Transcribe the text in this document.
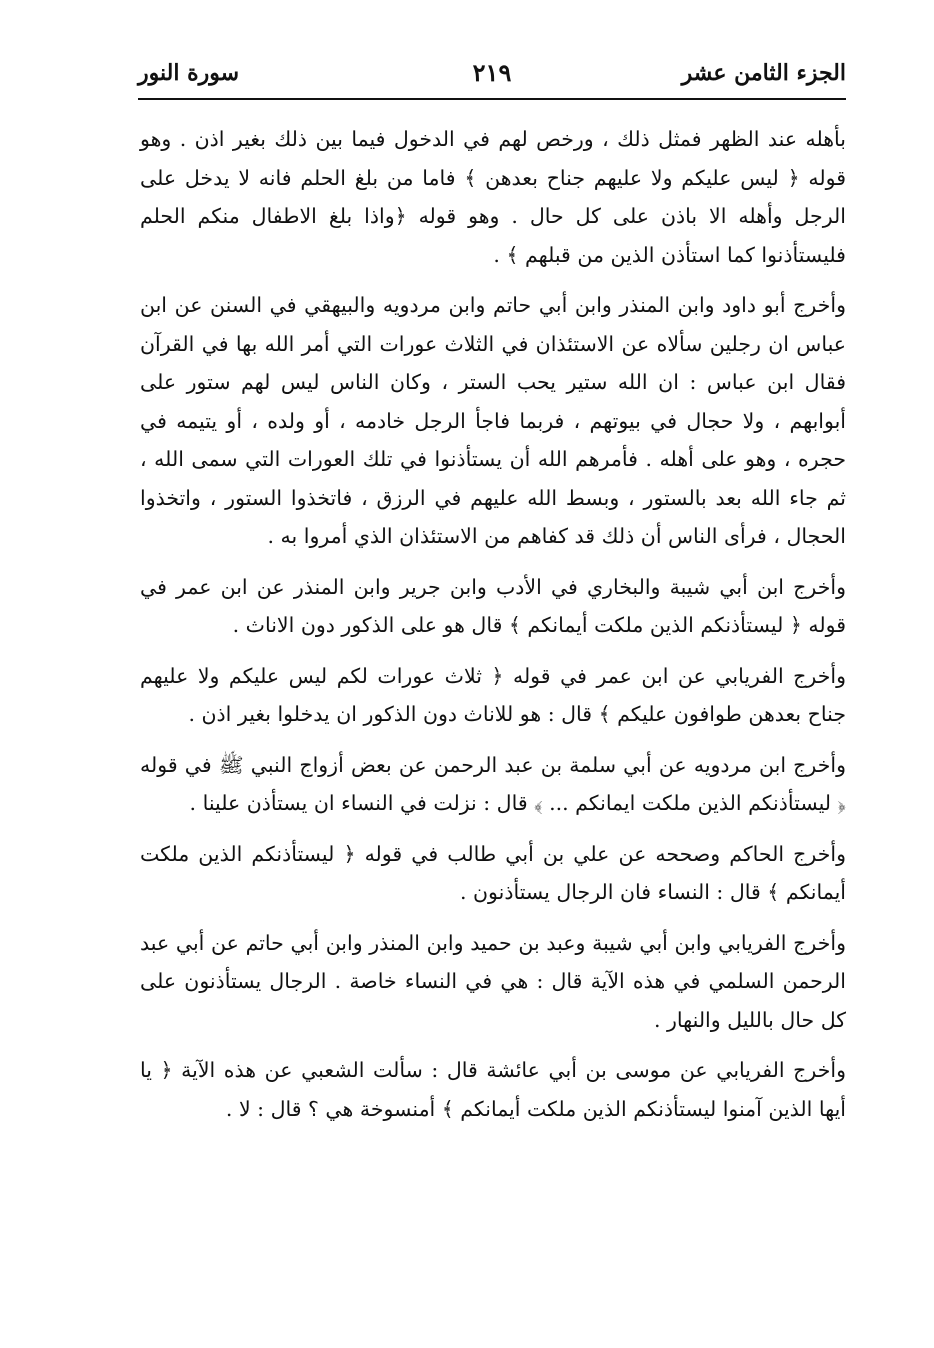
الجزء الثامن عشر
٢١٩
سورة النور

بأهله عند الظهر فمثل ذلك ، ورخص لهم في الدخول فيما بين ذلك بغير اذن . وهو قوله ﴿ ليس عليكم ولا عليهم جناح بعدهن ﴾ فاما من بلغ الحلم فانه لا يدخل على الرجل وأهله الا باذن على كل حال . وهو قوله ﴿واذا بلغ الاطفال منكم الحلم فليستأذنوا كما استأذن الذين من قبلهم ﴾ .

وأخرج أبو داود وابن المنذر وابن أبي حاتم وابن مردويه والبيهقي في السنن عن ابن عباس ان رجلين سألاه عن الاستئذان في الثلاث عورات التي أمر الله بها في القرآن فقال ابن عباس : ان الله ستير يحب الستر ، وكان الناس ليس لهم ستور على أبوابهم ، ولا حجال في بيوتهم ، فربما فاجأ الرجل خادمه ، أو ولده ، أو يتيمه في حجره ، وهو على أهله . فأمرهم الله أن يستأذنوا في تلك العورات التي سمى الله ، ثم جاء الله بعد بالستور ، وبسط الله عليهم في الرزق ، فاتخذوا الستور ، واتخذوا الحجال ، فرأى الناس أن ذلك قد كفاهم من الاستئذان الذي أمروا به .

وأخرج ابن أبي شيبة والبخاري في الأدب وابن جرير وابن المنذر عن ابن عمر في قوله ﴿ ليستأذنكم الذين ملكت أيمانكم ﴾ قال هو على الذكور دون الاناث .

وأخرج الفريابي عن ابن عمر في قوله ﴿ ثلاث عورات لكم ليس عليكم ولا عليهم جناح بعدهن طوافون عليكم ﴾ قال : هو للاناث دون الذكور ان يدخلوا بغير اذن .

وأخرج ابن مردويه عن أبي سلمة بن عبد الرحمن عن بعض أزواج النبي ﷺ في قوله ﴿ ليستأذنكم الذين ملكت ايمانكم ... ﴾ قال : نزلت في النساء ان يستأذن علينا .

وأخرج الحاكم وصححه عن علي بن أبي طالب في قوله ﴿ ليستأذنكم الذين ملكت أيمانكم ﴾ قال : النساء فان الرجال يستأذنون .

وأخرج الفريابي وابن أبي شيبة وعبد بن حميد وابن المنذر وابن أبي حاتم عن أبي عبد الرحمن السلمي في هذه الآية قال : هي في النساء خاصة . الرجال يستأذنون على كل حال بالليل والنهار .

وأخرج الفريابي عن موسى بن أبي عائشة قال : سألت الشعبي عن هذه الآية ﴿ يا أيها الذين آمنوا ليستأذنكم الذين ملكت أيمانكم ﴾ أمنسوخة هي ؟ قال : لا .
